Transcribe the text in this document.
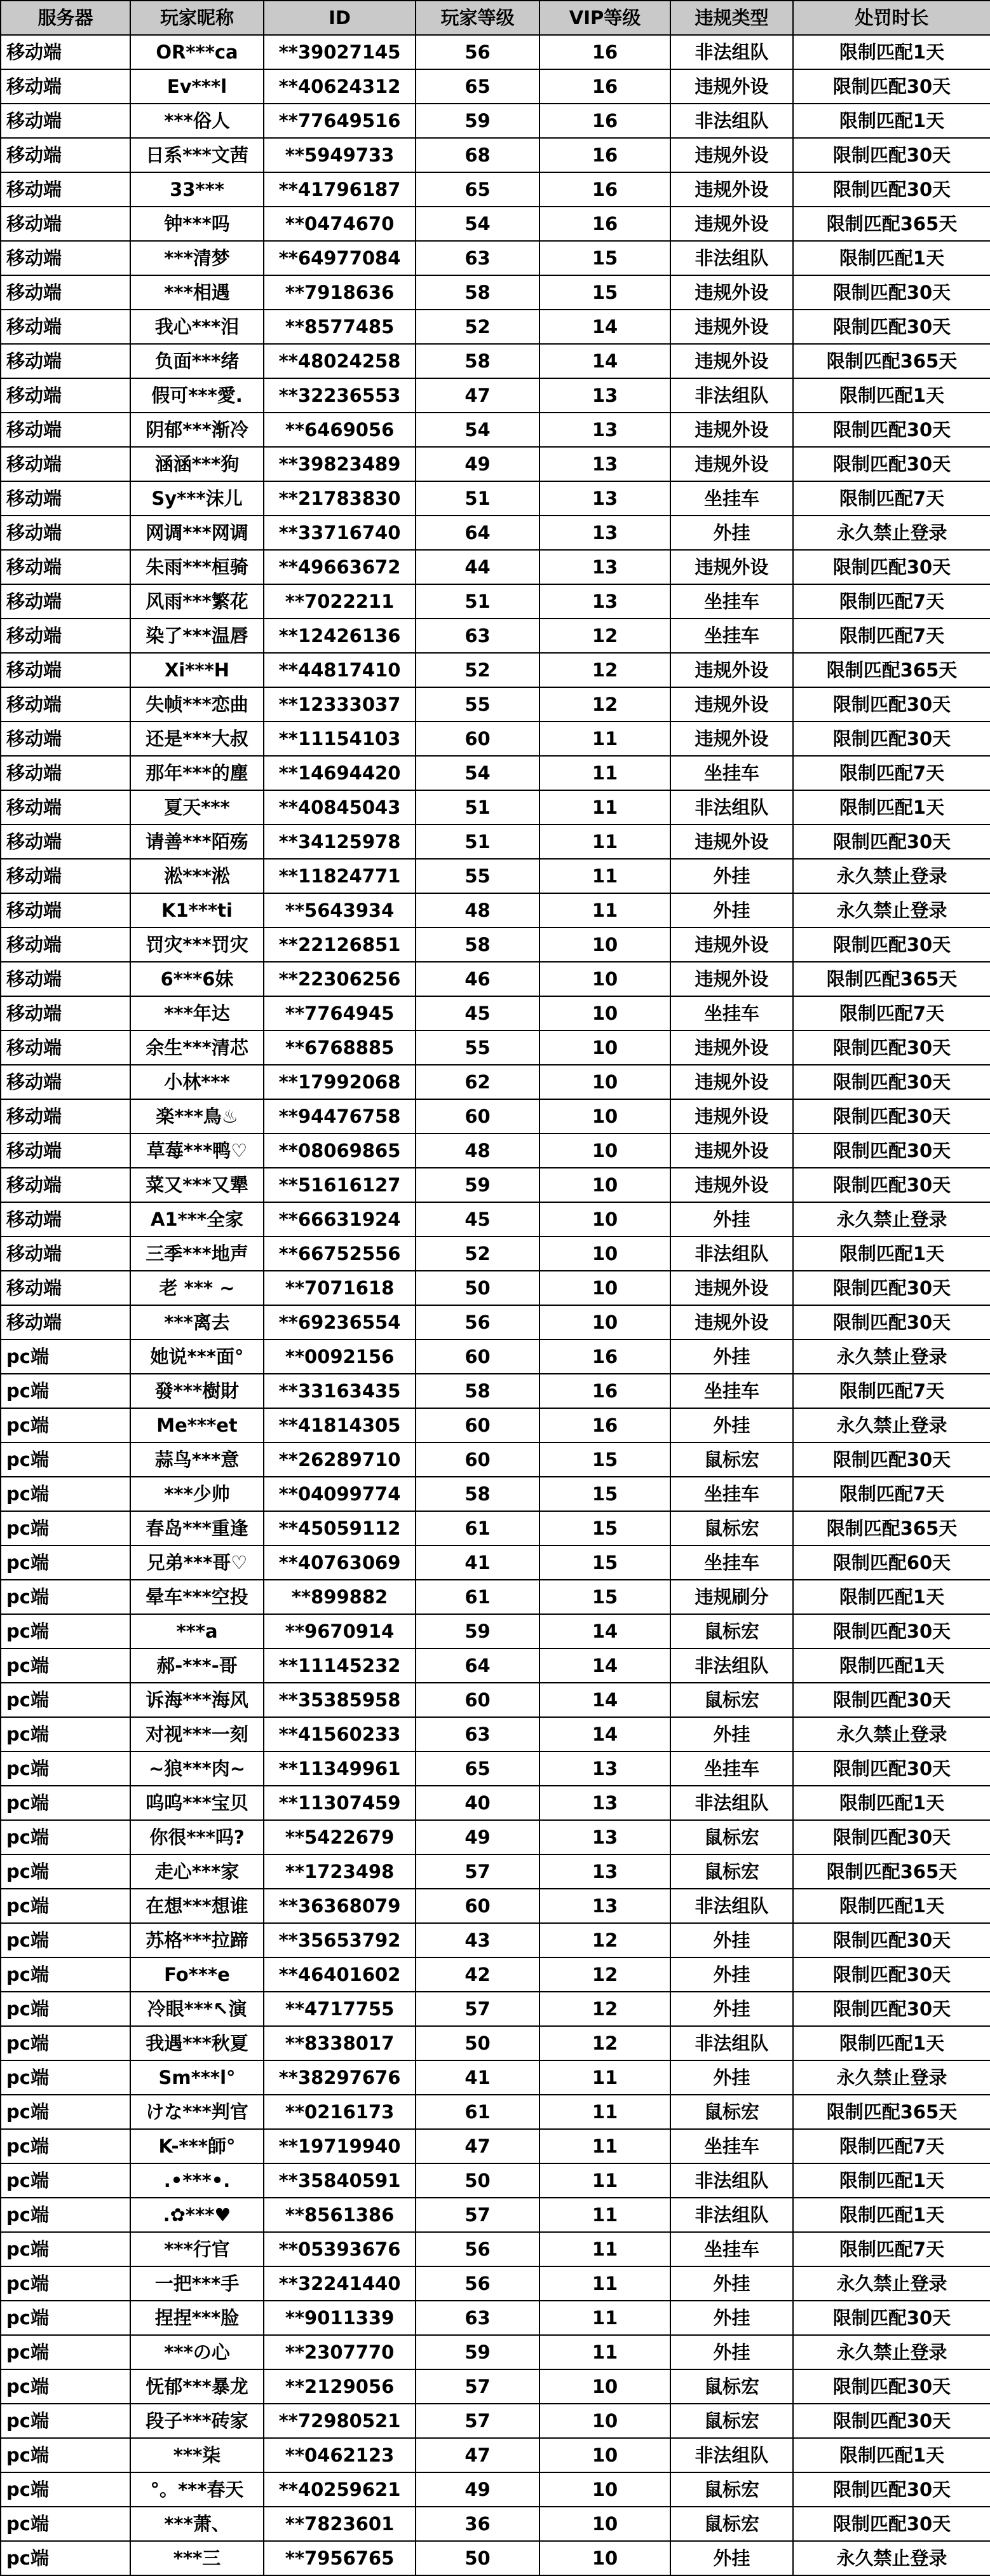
服务器	玩家昵称	ID	玩家等级	VIP等级	违规类型	处罚时长
移动端	OR***ca	**39027145	56	16	非法组队	限制匹配1天
移动端	Ev***l	**40624312	65	16	违规外设	限制匹配30天
移动端	***俗人	**77649516	59	16	非法组队	限制匹配1天
移动端	日系***文茜	**5949733	68	16	违规外设	限制匹配30天
移动端	33***	**41796187	65	16	违规外设	限制匹配30天
移动端	钟***吗	**0474670	54	16	违规外设	限制匹配365天
移动端	***清梦	**64977084	63	15	非法组队	限制匹配1天
移动端	***相遇	**7918636	58	15	违规外设	限制匹配30天
移动端	我心***泪	**8577485	52	14	违规外设	限制匹配30天
移动端	负面***绪	**48024258	58	14	违规外设	限制匹配365天
移动端	假可***愛.	**32236553	47	13	非法组队	限制匹配1天
移动端	阴郁***渐冷	**6469056	54	13	违规外设	限制匹配30天
移动端	涵涵***狗	**39823489	49	13	违规外设	限制匹配30天
移动端	Sy***沫儿	**21783830	51	13	坐挂车	限制匹配7天
移动端	网调***网调	**33716740	64	13	外挂	永久禁止登录
移动端	朱雨***桓骑	**49663672	44	13	违规外设	限制匹配30天
移动端	风雨***繁花	**7022211	51	13	坐挂车	限制匹配7天
移动端	染了***温唇	**12426136	63	12	坐挂车	限制匹配7天
移动端	Xi***H	**44817410	52	12	违规外设	限制匹配365天
移动端	失帧***恋曲	**12333037	55	12	违规外设	限制匹配30天
移动端	还是***大叔	**11154103	60	11	违规外设	限制匹配30天
移动端	那年***的塵	**14694420	54	11	坐挂车	限制匹配7天
移动端	夏天***	**40845043	51	11	非法组队	限制匹配1天
移动端	请善***陌殇	**34125978	51	11	违规外设	限制匹配30天
移动端	淞***淞	**11824771	55	11	外挂	永久禁止登录
移动端	K1***ti	**5643934	48	11	外挂	永久禁止登录
移动端	罚灾***罚灾	**22126851	58	10	违规外设	限制匹配30天
移动端	6***6妹	**22306256	46	10	违规外设	限制匹配365天
移动端	***年达	**7764945	45	10	坐挂车	限制匹配7天
移动端	余生***清芯	**6768885	55	10	违规外设	限制匹配30天
移动端	小林***	**17992068	62	10	违规外设	限制匹配30天
移动端	楽***鳥♨	**94476758	60	10	违规外设	限制匹配30天
移动端	草莓***鸭♡	**08069865	48	10	违规外设	限制匹配30天
移动端	菜又***又犟	**51616127	59	10	违规外设	限制匹配30天
移动端	A1***全家	**66631924	45	10	外挂	永久禁止登录
移动端	三季***地声	**66752556	52	10	非法组队	限制匹配1天
移动端	老 *** ~	**7071618	50	10	违规外设	限制匹配30天
移动端	***离去	**69236554	56	10	违规外设	限制匹配30天
pc端	她说***面°	**0092156	60	16	外挂	永久禁止登录
pc端	發***樹財	**33163435	58	16	坐挂车	限制匹配7天
pc端	Me***et	**41814305	60	16	外挂	永久禁止登录
pc端	蒜鸟***意	**26289710	60	15	鼠标宏	限制匹配30天
pc端	***少帅	**04099774	58	15	坐挂车	限制匹配7天
pc端	春岛***重逢	**45059112	61	15	鼠标宏	限制匹配365天
pc端	兄弟***哥♡	**40763069	41	15	坐挂车	限制匹配60天
pc端	晕车***空投	**899882	61	15	违规刷分	限制匹配1天
pc端	***a	**9670914	59	14	鼠标宏	限制匹配30天
pc端	郝-***-哥	**11145232	64	14	非法组队	限制匹配1天
pc端	诉海***海风	**35385958	60	14	鼠标宏	限制匹配30天
pc端	对视***一刻	**41560233	63	14	外挂	永久禁止登录
pc端	~狼***肉~	**11349961	65	13	坐挂车	限制匹配30天
pc端	呜呜***宝贝	**11307459	40	13	非法组队	限制匹配1天
pc端	你很***吗?	**5422679	49	13	鼠标宏	限制匹配30天
pc端	走心***家	**1723498	57	13	鼠标宏	限制匹配365天
pc端	在想***想谁	**36368079	60	13	非法组队	限制匹配1天
pc端	苏格***拉蹄	**35653792	43	12	外挂	限制匹配30天
pc端	Fo***e	**46401602	42	12	外挂	限制匹配30天
pc端	冷眼***↖演	**4717755	57	12	外挂	限制匹配30天
pc端	我遇***秋夏	**8338017	50	12	非法组队	限制匹配1天
pc端	Sm***l°	**38297676	41	11	外挂	永久禁止登录
pc端	けな***判官	**0216173	61	11	鼠标宏	限制匹配365天
pc端	K-***師°	**19719940	47	11	坐挂车	限制匹配7天
pc端	.•***•.	**35840591	50	11	非法组队	限制匹配1天
pc端	.✿***♥	**8561386	57	11	非法组队	限制匹配1天
pc端	***行官	**05393676	56	11	坐挂车	限制匹配7天
pc端	一把***手	**32241440	56	11	外挂	永久禁止登录
pc端	捏捏***脸	**9011339	63	11	外挂	限制匹配30天
pc端	***の心	**2307770	59	11	外挂	永久禁止登录
pc端	怃郁***暴龙	**2129056	57	10	鼠标宏	限制匹配30天
pc端	段子***砖家	**72980521	57	10	鼠标宏	限制匹配30天
pc端	***柒	**0462123	47	10	非法组队	限制匹配1天
pc端	°。***春天	**40259621	49	10	鼠标宏	限制匹配30天
pc端	***萧、	**7823601	36	10	鼠标宏	限制匹配30天
pc端	***三	**7956765	50	10	外挂	永久禁止登录
